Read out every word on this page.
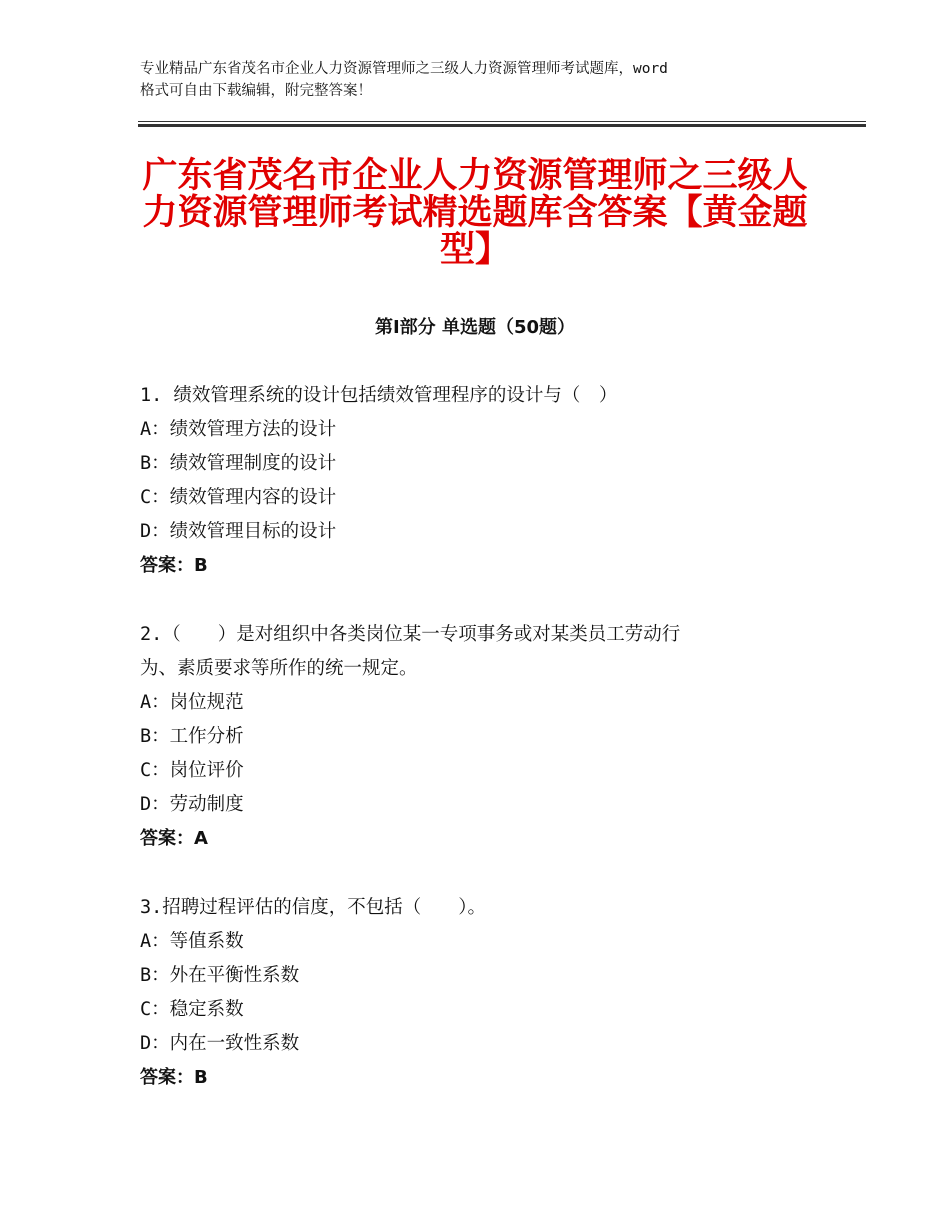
专业精品广东省茂名市企业人力资源管理师之三级人力资源管理师考试题库，word
格式可自由下载编辑，附完整答案！
广东省茂名市企业人力资源管理师之三级人
力资源管理师考试精选题库含答案【黄金题
型】
第Ⅰ部分 单选题（50题）
1. 绩效管理系统的设计包括绩效管理程序的设计与（　）
A：绩效管理方法的设计
B：绩效管理制度的设计
C：绩效管理内容的设计
D：绩效管理目标的设计
答案：B
2.（　　）是对组织中各类岗位某一专项事务或对某类员工劳动行
为、素质要求等所作的统一规定。
A：岗位规范
B：工作分析
C：岗位评价
D：劳动制度
答案：A
3.招聘过程评估的信度，不包括（　　）。
A：等值系数
B：外在平衡性系数
C：稳定系数
D：内在一致性系数
答案：B
